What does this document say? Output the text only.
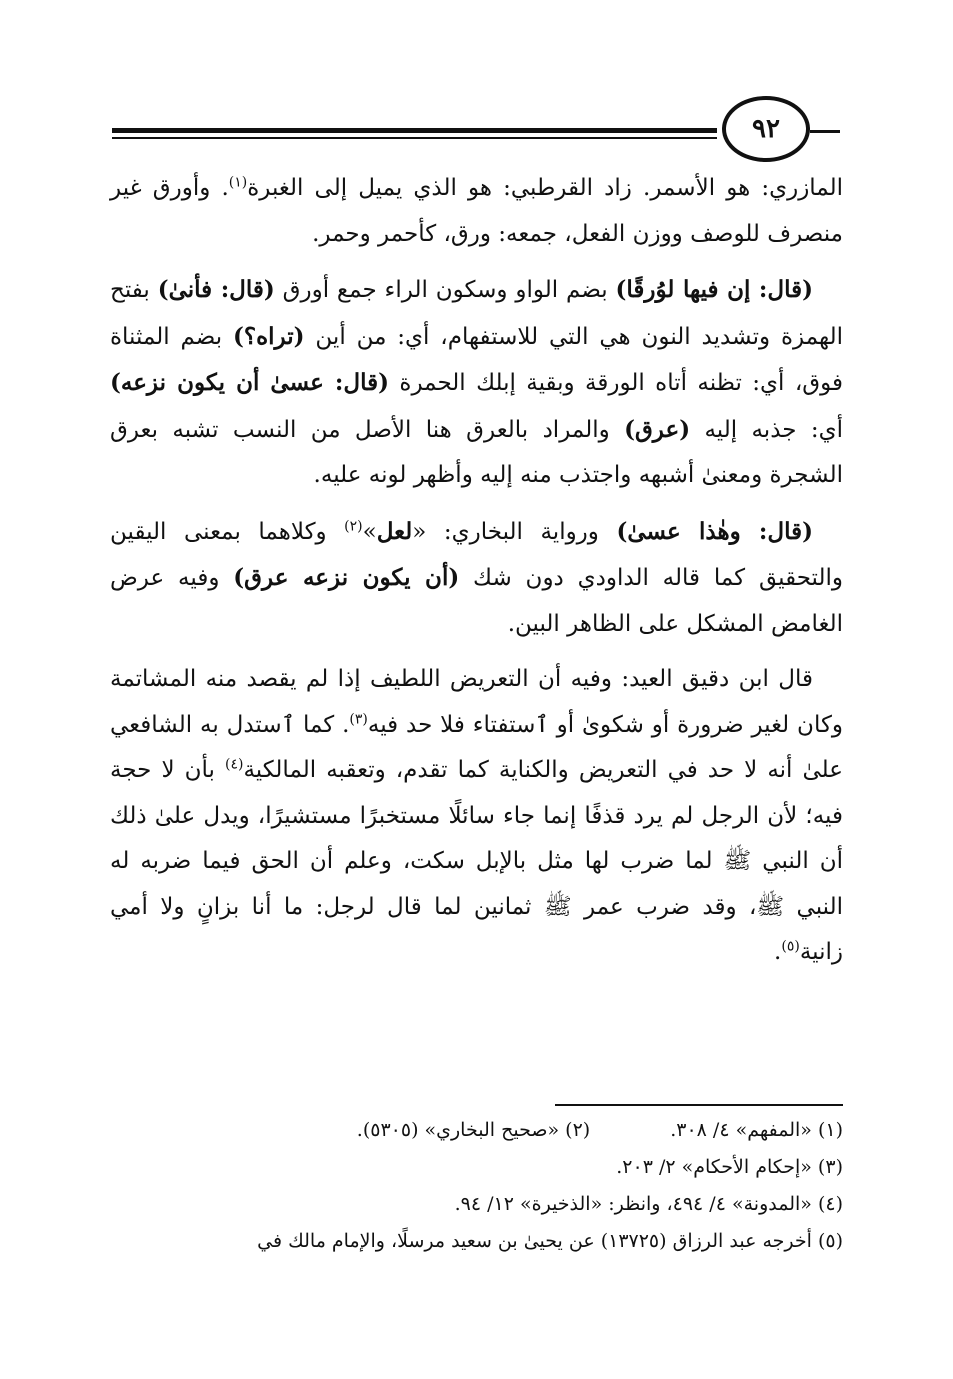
٩٢

المازري: هو الأسمر. زاد القرطبي: هو الذي يميل إلى الغبرة$^{(١)}$. وأورق غير منصرف للوصف ووزن الفعل، جمعه: ورق، كأحمر وحمر.

(قال: إن فيها لوُرقًا) بضم الواو وسكون الراء جمع أورق (قال: فأنىٰ) بفتح الهمزة وتشديد النون هي التي للاستفهام، أي: من أين (تراه؟) بضم المثناة فوق، أي: تظنه أتاه الورقة وبقية إبلك الحمرة (قال: عسىٰ أن يكون نزعه) أي: جذبه إليه (عرق) والمراد بالعرق هنا الأصل من النسب تشبه بعرق الشجرة ومعنىٰ أشبهه واجتذب منه إليه وأظهر لونه عليه.

(قال: وهٰذا عسىٰ) ورواية البخاري: «لعل»$^{(٢)}$ وكلاهما بمعنى اليقين والتحقيق كما قاله الداودي دون شك (أن يكون نزعه عرق) وفيه عرض الغامض المشكل على الظاهر البين.

قال ابن دقيق العيد: وفيه أن التعريض اللطيف إذا لم يقصد منه المشاتمة وكان لغير ضرورة أو شكوىٰ أو ٱستفتاء فلا حد فيه$^{(٣)}$. كما ٱستدل به الشافعي علىٰ أنه لا حد في التعريض والكناية كما تقدم، وتعقبه المالكية$^{(٤)}$ بأن لا حجة فيه؛ لأن الرجل لم يرد قذفًا إنما جاء سائلًا مستخبرًا مستشيرًا، ويدل علىٰ ذلك أن النبي ﷺ لما ضرب لها مثل بالإبل سكت، وعلم أن الحق فيما ضربه له النبي ﷺ، وقد ضرب عمر ﷺ ثمانين لما قال لرجل: ما أنا بزانٍ ولا أمي زانية$^{(٥)}$.

(١) «المفهم» ٤/ ٣٠٨.
(٢) «صحيح البخاري» (٥٣٠٥).
(٣) «إحكام الأحكام» ٢/ ٢٠٣.
(٤) «المدونة» ٤/ ٤٩٤، وانظر: «الذخيرة» ١٢/ ٩٤.
(٥) أخرجه عبد الرزاق (١٣٧٢٥) عن يحيىٰ بن سعيد مرسلًا، والإمام مالك في
